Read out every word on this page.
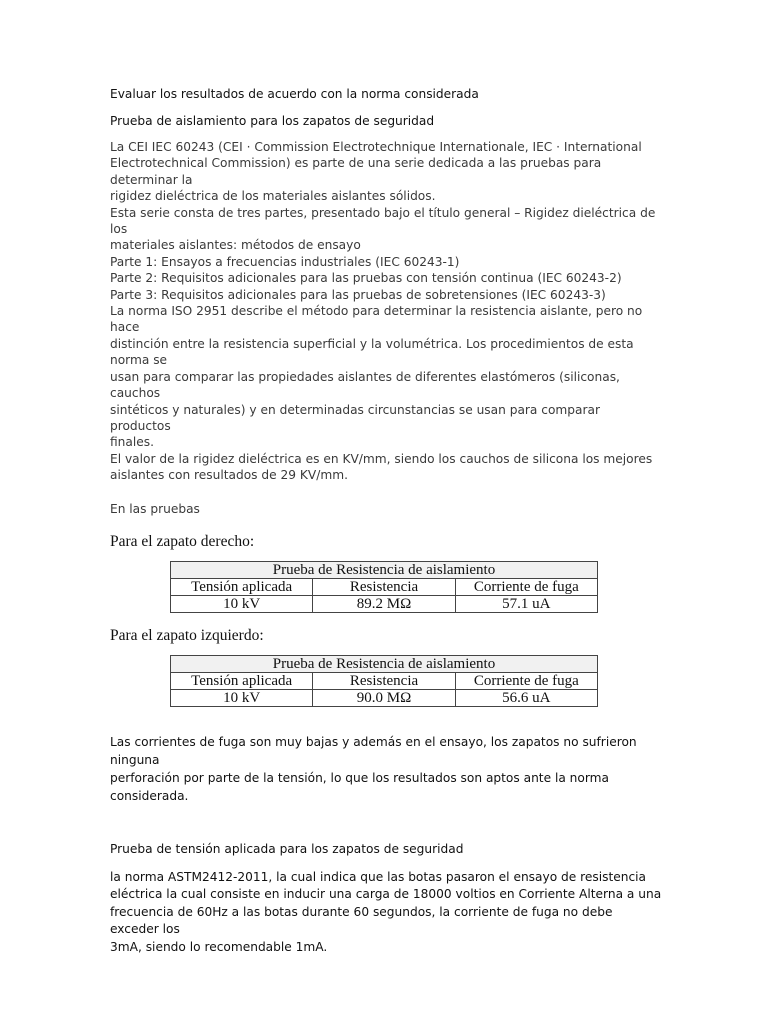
Evaluar los resultados de acuerdo con la norma considerada

Prueba de aislamiento para los zapatos de seguridad

La CEI IEC 60243 (CEI · Commission Electrotechnique Internationale, IEC · International

Electrotechnical Commission) es parte de una serie dedicada a las pruebas para determinar la

rigidez dieléctrica de los materiales aislantes sólidos.

Esta serie consta de tres partes, presentado bajo el título general – Rigidez dieléctrica de los

materiales aislantes: métodos de ensayo

Parte 1: Ensayos a frecuencias industriales (IEC 60243-1)

Parte 2: Requisitos adicionales para las pruebas con tensión continua (IEC 60243-2)

Parte 3: Requisitos adicionales para las pruebas de sobretensiones (IEC 60243-3)

La norma ISO 2951 describe el método para determinar la resistencia aislante, pero no hace

distinción entre la resistencia superficial y la volumétrica. Los procedimientos de esta norma se

usan para comparar las propiedades aislantes de diferentes elastómeros (siliconas, cauchos

sintéticos y naturales) y en determinadas circunstancias se usan para comparar productos

finales.

El valor de la rigidez dieléctrica es en KV/mm, siendo los cauchos de silicona los mejores

aislantes con resultados de 29 KV/mm.

En las pruebas

Para el zapato derecho:

Prueba de Resistencia de aislamiento		
Tensión aplicada	Resistencia	Corriente de fuga
10 kV	89.2 MΩ	57.1 uA

Para el zapato izquierdo:

Prueba de Resistencia de aislamiento		
Tensión aplicada	Resistencia	Corriente de fuga
10 kV	90.0 MΩ	56.6 uA

Las corrientes de fuga son muy bajas y además en el ensayo, los zapatos no sufrieron ninguna

perforación por parte de la tensión, lo que los resultados son aptos ante la norma considerada.

Prueba de tensión aplicada para los zapatos de seguridad

la norma ASTM2412-2011, la cual indica que las botas pasaron el ensayo de resistencia

eléctrica la cual consiste en inducir una carga de 18000 voltios en Corriente Alterna a una

frecuencia de 60Hz a las botas durante 60 segundos, la corriente de fuga no debe exceder los

3mA, siendo lo recomendable 1mA.
